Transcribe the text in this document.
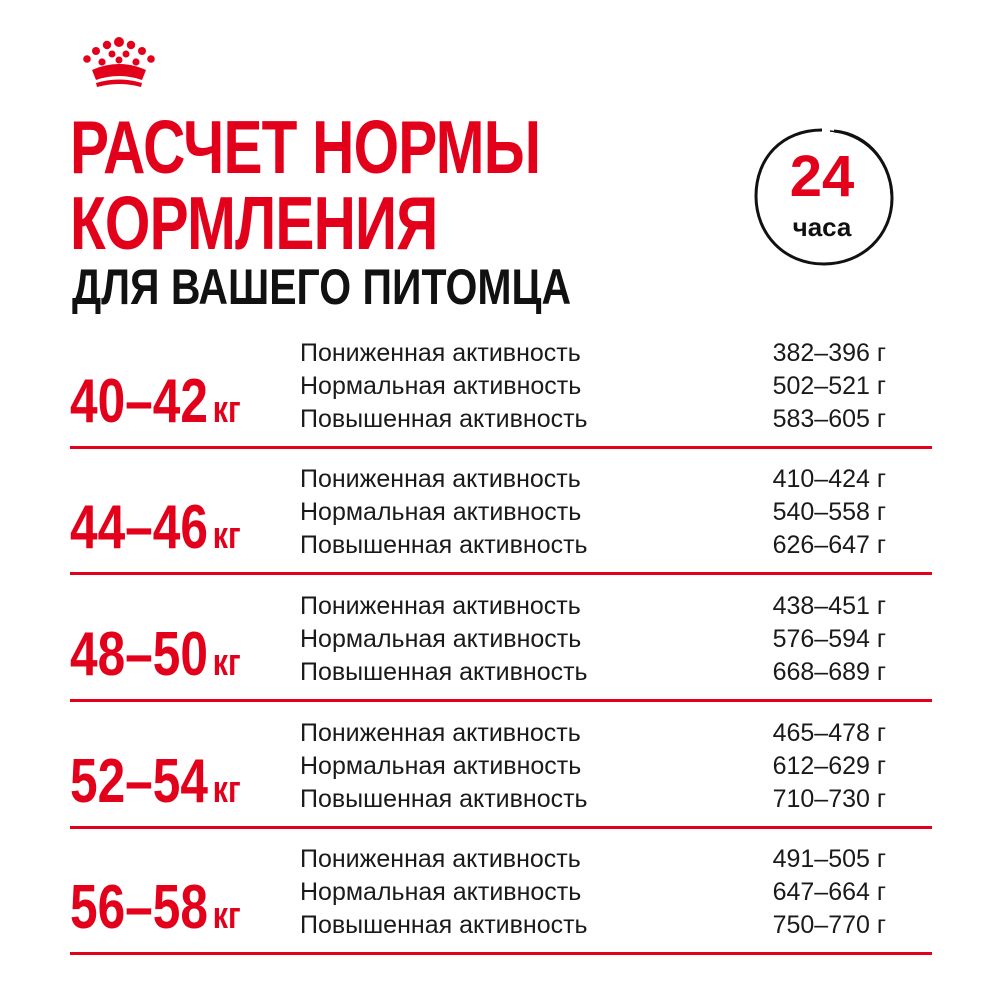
РАСЧЕТ НОРМЫ
КОРМЛЕНИЯ
ДЛЯ ВАШЕГО ПИТОМЦА
24
часа
40–42 кг
Пониженная активность	382–396 г
Нормальная активность	502–521 г
Повышенная активность	583–605 г
44–46 кг
Пониженная активность	410–424 г
Нормальная активность	540–558 г
Повышенная активность	626–647 г
48–50 кг
Пониженная активность	438–451 г
Нормальная активность	576–594 г
Повышенная активность	668–689 г
52–54 кг
Пониженная активность	465–478 г
Нормальная активность	612–629 г
Повышенная активность	710–730 г
56–58 кг
Пониженная активность	491–505 г
Нормальная активность	647–664 г
Повышенная активность	750–770 г
